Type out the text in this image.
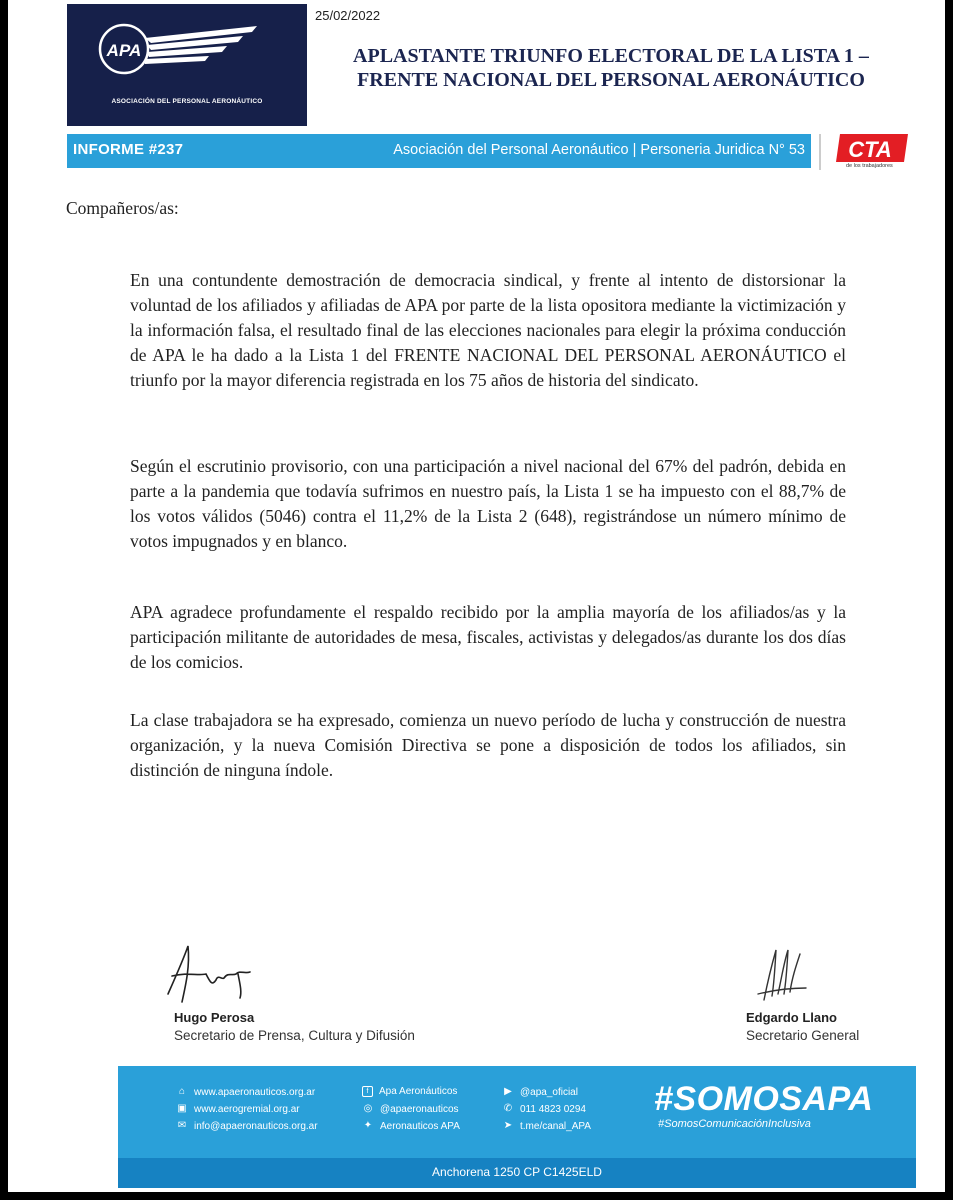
APA
ASOCIACIÓN DEL PERSONAL AERONÁUTICO
25/02/2022
APLASTANTE TRIUNFO ELECTORAL DE LA LISTA 1 –
FRENTE NACIONAL DEL PERSONAL AERONÁUTICO
INFORME #237	Asociación del Personal Aeronáutico | Personeria Juridica N° 53 CTA
de los trabajadores
Compañeros/as:

En una contundente demostración de democracia sindical, y frente al intento de distorsionar la voluntad de los afiliados y afiliadas de APA por parte de la lista opositora mediante la victimización y la información falsa, el resultado final de las elecciones nacionales para elegir la próxima conducción de APA le ha dado a la Lista 1 del FRENTE NACIONAL DEL PERSONAL AERONÁUTICO el triunfo por la mayor diferencia registrada en los 75 años de historia del sindicato.

Según el escrutinio provisorio, con una participación a nivel nacional del 67% del padrón, debida en parte a la pandemia que todavía sufrimos en nuestro país, la Lista 1 se ha impuesto con el 88,7% de los votos válidos (5046) contra el 11,2% de la Lista 2 (648), registrándose un número mínimo de votos impugnados y en blanco.

APA agradece profundamente el respaldo recibido por la amplia mayoría de los afiliados/as y la participación militante de autoridades de mesa, fiscales, activistas y delegados/as durante los dos días de los comicios.

La clase trabajadora se ha expresado, comienza un nuevo período de lucha y construcción de nuestra organización, y la nueva Comisión Directiva se pone a disposición de todos los afiliados, sin distinción de ninguna índole.

Hugo Perosa
Secretario de Prensa, Cultura y Difusión
Edgardo Llano
Secretario General
⌂ www.apaeronauticos.org.ar
▣ www.aerogremial.org.ar
✉ info@apaeronauticos.org.ar
f	Apa Aeronáuticos
◎ @apaeronauticos
✦ Aeronauticos APA
▶ @apa_oficial
✆ 011 4823 0294
➤ t.me/canal_APA
#SOMOSAPA
#SomosComunicaciónInclusiva
Anchorena 1250 CP C1425ELD
